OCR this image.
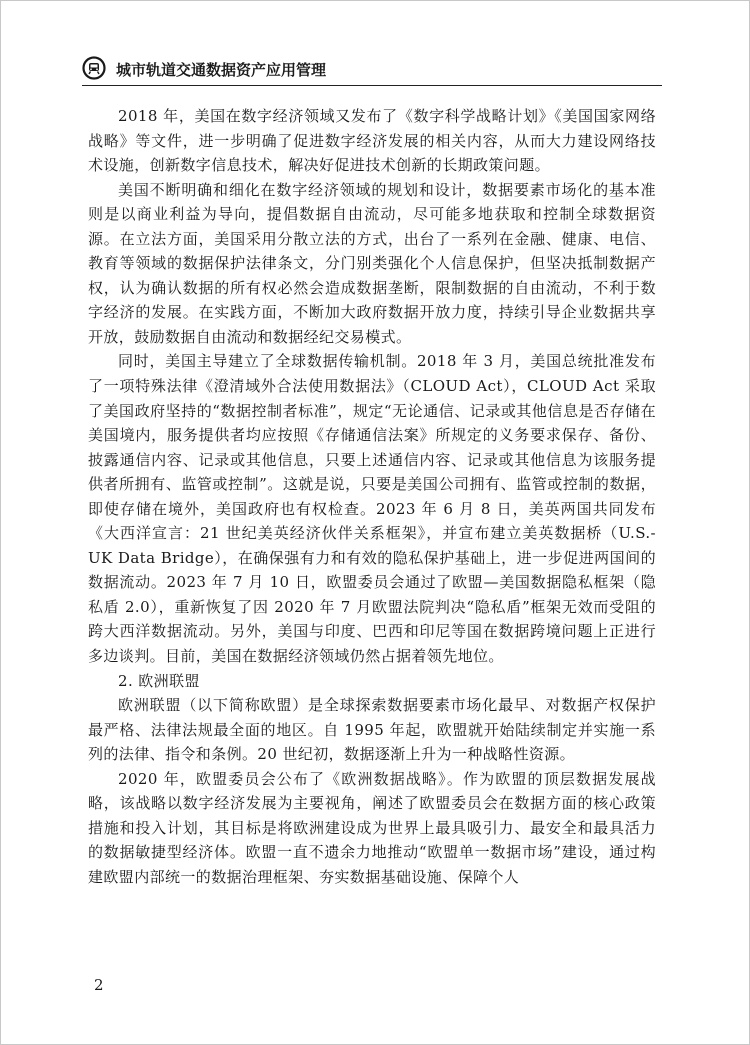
城市轨道交通数据资产应用管理

2018 年，美国在数字经济领域又发布了《数字科学战略计划》《美国国家网络战略》等文件，进一步明确了促进数字经济发展的相关内容，从而大力建设网络技术设施，创新数字信息技术，解决好促进技术创新的长期政策问题。

美国不断明确和细化在数字经济领域的规划和设计，数据要素市场化的基本准则是以商业利益为导向，提倡数据自由流动，尽可能多地获取和控制全球数据资源。在立法方面，美国采用分散立法的方式，出台了一系列在金融、健康、电信、教育等领域的数据保护法律条文，分门别类强化个人信息保护，但坚决抵制数据产权，认为确认数据的所有权必然会造成数据垄断，限制数据的自由流动，不利于数字经济的发展。在实践方面，不断加大政府数据开放力度，持续引导企业数据共享开放，鼓励数据自由流动和数据经纪交易模式。

同时，美国主导建立了全球数据传输机制。2018 年 3 月，美国总统批准发布了一项特殊法律《澄清域外合法使用数据法》（CLOUD Act），CLOUD Act 采取了美国政府坚持的“数据控制者标准”，规定“无论通信、记录或其他信息是否存储在美国境内，服务提供者均应按照《存储通信法案》所规定的义务要求保存、备份、披露通信内容、记录或其他信息，只要上述通信内容、记录或其他信息为该服务提供者所拥有、监管或控制”。这就是说，只要是美国公司拥有、监管或控制的数据，即使存储在境外，美国政府也有权检查。2023 年 6 月 8 日，美英两国共同发布《大西洋宣言：21 世纪美英经济伙伴关系框架》，并宣布建立美英数据桥（U.S.-UK Data Bridge），在确保强有力和有效的隐私保护基础上，进一步促进两国间的数据流动。2023 年 7 月 10 日，欧盟委员会通过了欧盟—美国数据隐私框架（隐私盾 2.0），重新恢复了因 2020 年 7 月欧盟法院判决“隐私盾”框架无效而受阻的跨大西洋数据流动。另外，美国与印度、巴西和印尼等国在数据跨境问题上正进行多边谈判。目前，美国在数据经济领域仍然占据着领先地位。

2. 欧洲联盟

欧洲联盟（以下简称欧盟）是全球探索数据要素市场化最早、对数据产权保护最严格、法律法规最全面的地区。自 1995 年起，欧盟就开始陆续制定并实施一系列的法律、指令和条例。20 世纪初，数据逐渐上升为一种战略性资源。

2020 年，欧盟委员会公布了《欧洲数据战略》。作为欧盟的顶层数据发展战略，该战略以数字经济发展为主要视角，阐述了欧盟委员会在数据方面的核心政策措施和投入计划，其目标是将欧洲建设成为世界上最具吸引力、最安全和最具活力的数据敏捷型经济体。欧盟一直不遗余力地推动“欧盟单一数据市场”建设，通过构建欧盟内部统一的数据治理框架、夯实数据基础设施、保障个人

2
